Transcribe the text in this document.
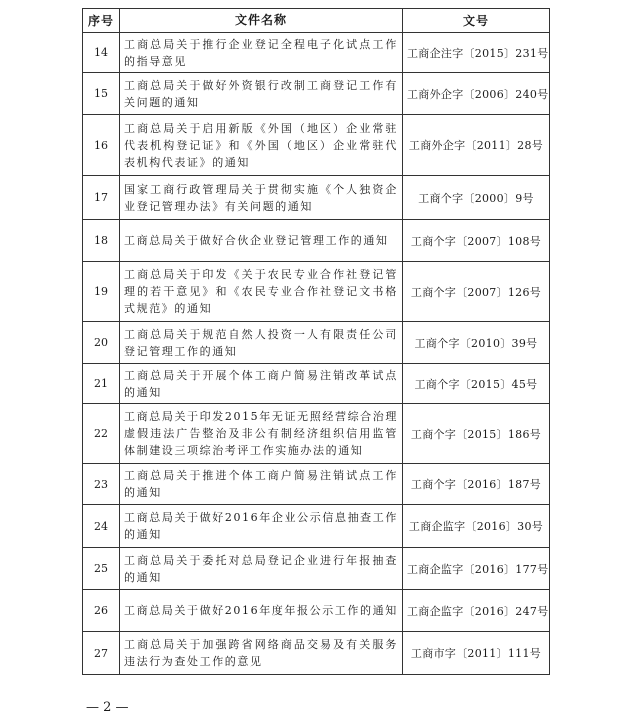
序号	文件名称	文号
14	工商总局关于推行企业登记全程电子化试点工作的指导意见	工商企注字〔2015〕231号
15	工商总局关于做好外资银行改制工商登记工作有关问题的通知	工商外企字〔2006〕240号
16	工商总局关于启用新版《外国（地区）企业常驻代表机构登记证》和《外国（地区）企业常驻代表机构代表证》的通知	工商外企字〔2011〕28号
17	国家工商行政管理局关于贯彻实施《个人独资企业登记管理办法》有关问题的通知	工商个字〔2000〕9号
18	工商总局关于做好合伙企业登记管理工作的通知	工商个字〔2007〕108号
19	工商总局关于印发《关于农民专业合作社登记管理的若干意见》和《农民专业合作社登记文书格式规范》的通知	工商个字〔2007〕126号
20	工商总局关于规范自然人投资一人有限责任公司登记管理工作的通知	工商个字〔2010〕39号
21	工商总局关于开展个体工商户简易注销改革试点的通知	工商个字〔2015〕45号
22	工商总局关于印发2015年无证无照经营综合治理虚假违法广告整治及非公有制经济组织信用监管体制建设三项综治考评工作实施办法的通知	工商个字〔2015〕186号
23	工商总局关于推进个体工商户简易注销试点工作的通知	工商个字〔2016〕187号
24	工商总局关于做好2016年企业公示信息抽查工作的通知	工商企监字〔2016〕30号
25	工商总局关于委托对总局登记企业进行年报抽查的通知	工商企监字〔2016〕177号
26	工商总局关于做好2016年度年报公示工作的通知	工商企监字〔2016〕247号
27	工商总局关于加强跨省网络商品交易及有关服务违法行为查处工作的意见	工商市字〔2011〕111号
— 2 —
